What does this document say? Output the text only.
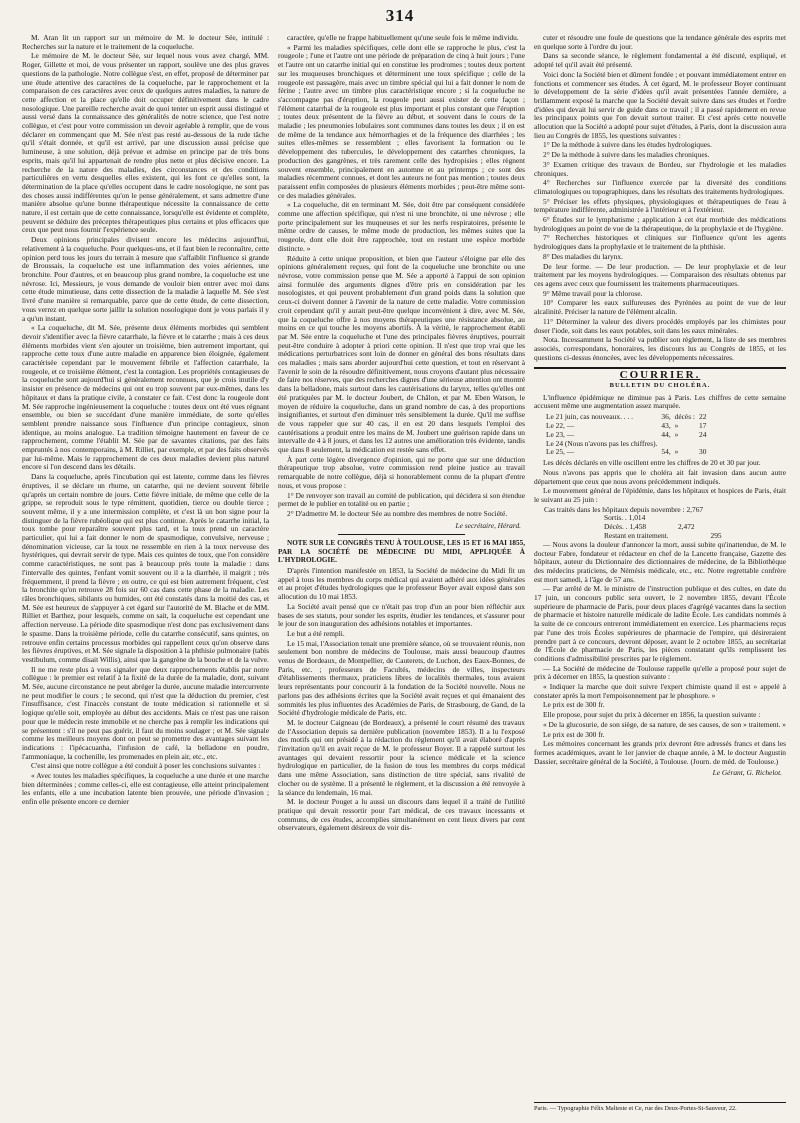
314

M. Aran lit un rapport sur un mémoire de M. le docteur Sée, intitulé : Recherches sur la nature et le traitement de la coqueluche.

Le mémoire de M. le docteur Sée, sur lequel nous vous avez chargé, MM. Roger, Gillette et moi, de vous présenter un rapport, soulève une des plus graves questions de la pathologie. Notre collègue s'est, en effet, proposé de déterminer par une étude attentive des caractères de la coqueluche, par le rapprochement et la comparaison de ces caractères avec ceux de quelques autres maladies, la nature de cette affection et la place qu'elle doit occuper définitivement dans le cadre nosologique. Une pareille recherche avait de quoi tenter un esprit aussi distingué et aussi versé dans la connaissance des généralités de notre science, que l'est notre collègue, et c'est pour votre commission un devoir agréable à remplir, que de vous déclarer en commençant que M. Sée n'est pas resté au-dessous de la rude tâche qu'il s'était donnée, et qu'il est arrivé, par une discussion aussi précise que lumineuse, à une solution, déjà prévue et admise en principe par de très bons esprits, mais qu'il lui appartenait de rendre plus nette et plus décisive encore. La recherche de la nature des maladies, des circonstances et des conditions particulières en vertu desquelles elles existent, qui les font ce qu'elles sont, la détermination de la place qu'elles occupent dans le cadre nosologique, ne sont pas des choses aussi indifférentes qu'on le pense généralement, et sans admettre d'une manière absolue qu'une bonne thérapeutique nécessite la connaissance de cette nature, il est certain que de cette connaissance, lorsqu'elle est évidente et complète, peuvent se déduire des préceptes thérapeutiques plus certains et plus efficaces que ceux que peut nous fournir l'expérience seule.

Deux opinions principales divisent encore les médecins aujourd'hui, relativement à la coqueluche. Pour quelques-uns, et il faut bien le reconnaître, cette opinion perd tous les jours du terrain à mesure que s'affaiblit l'influence si grande de Broussais, la coqueluche est une inflammation des voies aériennes, une bronchite. Pour d'autres, et en beaucoup plus grand nombre, la coqueluche est une névrose. Ici, Messieurs, je vous demande de vouloir bien entrer avec moi dans cette étude minutieuse, dans cette dissection de la maladie à laquelle M. Sée s'est livré d'une manière si remarquable, parce que de cette étude, de cette dissection, vous verrez en quelque sorte jaillir la solution nosologique dont je vous parlais il y a qu'un instant.

« La coqueluche, dit M. Sée, présente deux éléments morbides qui semblent devoir s'identifier avec la fièvre catarrhale, la fièvre et le catarrhe ; mais à ces deux éléments morbides vient s'en ajouter un troisième, bien autrement important, qui rapproche cette toux d'une autre maladie en apparence bien éloignée, également caractérisée cependant par le mouvement fébrile et l'affection catarrhale, la rougeole, et ce troisième élément, c'est la contagion. Les propriétés contagieuses de la coqueluche sont aujourd'hui si généralement reconnues, que je crois inutile d'y insister en présence de médecins qui ont eu trop souvent par eux-mêmes, dans les hôpitaux et dans la pratique civile, à constater ce fait. C'est donc la rougeole dont M. Sée rapproche ingénieusement la coqueluche : toutes deux ont été vues régnant ensemble, ou bien se succédant d'une manière immédiate, de sorte qu'elles semblent prendre naissance sous l'influence d'un principe contagieux, sinon identique, au moins analogue. La tradition témoigne hautement en faveur de ce rapprochement, comme l'établit M. Sée par de savantes citations, par des faits empruntés à nos contemporains, à M. Rilliet, par exemple, et par des faits observés par lui-même. Mais le rapprochement de ces deux maladies devient plus naturel encore si l'on descend dans les détails.

Dans la coqueluche, après l'incubation qui est latente, comme dans les fièvres éruptives, il se déclare un rhume, un catarrhe, qui ne devient souvent fébrile qu'après un certain nombre de jours. Cette fièvre initiale, de même que celle de la grippe, se reproduit sous le type rémittent, quotidien, tierce ou double tierce ; souvent même, il y a une intermission complète, et c'est là un bon signe pour la distinguer de la fièvre rubéolique qui est plus continue. Après le catarrhe initial, la toux tombe pour reparaître souvent plus tard, et la toux prend un caractère particulier, qui lui a fait donner le nom de spasmodique, convulsive, nerveuse ; dénomination vicieuse, car la toux ne ressemble en rien à la toux nerveuse des hystériques, qui devrait servir de type. Mais ces quintes de toux, que l'on considère comme caractéristiques, ne sont pas à beaucoup près toute la maladie : dans l'intervalle des quintes, l'enfant vomit souvent ou il a la diarrhée, il maigrit ; très fréquemment, il prend la fièvre ; en outre, ce qui est bien autrement fréquent, c'est la bronchite qu'on retrouve 28 fois sur 60 cas dans cette phase de la maladie. Les râles bronchiques, sibilants ou humides, ont été constatés dans la moitié des cas, et M. Sée est heureux de s'appuyer à cet égard sur l'autorité de M. Blache et de MM. Rilliet et Barthez, pour lesquels, comme on sait, la coqueluche est cependant une affection nerveuse. La période dite spasmodique n'est donc pas exclusivement dans le spasme. Dans la troisième période, celle du catarrhe consécutif, sans quintes, on retrouve enfin certains processus morbides qui rappellent ceux qu'on observe dans les fièvres éruptives, et M. Sée signale la disposition à la phthisie pulmonaire (tabis vestibulum, comme disait Willis), ainsi que la gangrène de la bouche et de la vulve.

Il ne me reste plus à vous signaler que deux rapprochements établis par notre collègue : le premier est relatif à la fixité de la durée de la maladie, dont, suivant M. Sée, aucune circonstance ne peut abréger la durée, aucune maladie intercurrente ne peut modifier le cours ; le second, qui n'est que la déduction du premier, c'est l'insuffisance, c'est l'inaccès constant de toute médication si rationnelle et si logique qu'elle soit, employée au début des accidents. Mais ce n'est pas une raison pour que le médecin reste immobile et ne cherche pas à remplir les indications qui se présentent : s'il ne peut pas guérir, il faut du moins soulager ; et M. Sée signale comme les meilleurs moyens dont on peut se promettre des avantages suivant les indications : l'ipécacuanha, l'infusion de café, la belladone en poudre, l'ammoniaque, la cochenille, les promenades en plein air, etc., etc.

C'est ainsi que notre collègue a été conduit à poser les conclusions suivantes :

« Avec toutes les maladies spécifiques, la coqueluche a une durée et une marche bien déterminées ; comme celles-ci, elle est contagieuse, elle atteint principalement les enfants, elle a une incubation latente bien prouvée, une période d'invasion ; enfin elle présente encore ce dernier

caractère, qu'elle ne frappe habituellement qu'une seule fois le même individu.

« Parmi les maladies spécifiques, celle dont elle se rapproche le plus, c'est la rougeole ; l'une et l'autre ont une période de préparation de cinq à huit jours ; l'une et l'autre ont un catarrhe initial qui en constitue les prodromes ; toutes deux portent sur les muqueuses bronchiques et déterminent une toux spécifique ; celle de la rougeole est passagère, mais avec un timbre spécial qui lui a fait donner le nom de férine ; l'autre avec un timbre plus caractéristique encore ; si la coqueluche ne s'accompagne pas d'éruption, la rougeole peut aussi exister de cette façon ; l'élément catarrhal de la rougeole est plus important et plus constant que l'éruption ; toutes deux présentent de la fièvre au début, et souvent dans le cours de la maladie ; les pneumonies lobulaires sont communes dans toutes les deux ; il en est de même de la tendance aux hémorrhagies et de la fréquence des diarrhées ; les suites elles-mêmes se ressemblent ; elles favorisent la formation ou le développement des tubercules, le développement des catarrhes chroniques, la production des gangrènes, et très rarement celle des hydropisies ; elles règnent souvent ensemble, principalement en automne et au printemps ; ce sont des maladies récemment connues, et dont les auteurs ne font pas mention ; toutes deux paraissent enfin composées de plusieurs éléments morbides ; peut-être même sont-ce des maladies générales.

« La coqueluche, dit en terminant M. Sée, doit être par conséquent considérée comme une affection spécifique, qui n'est ni une bronchite, ni une névrose ; elle porte principalement sur les muqueuses et sur les nerfs respiratoires, présente le même ordre de causes, le même mode de production, les mêmes suites que la rougeole, dont elle doit être rapprochée, tout en restant une espèce morbide distincte. »

Réduite à cette unique proposition, et bien que l'auteur s'éloigne par elle des opinions généralement reçues, qui font de la coqueluche une bronchite ou une névrose, votre commission pense que M. Sée a apporté à l'appui de son opinion ainsi formulée des arguments dignes d'être pris en considération par les nosologistes, et qui peuvent probablement d'un grand poids dans la solution que ceux-ci doivent donner à l'avenir de la nature de cette maladie. Votre commission croit cependant qu'il y aurait peut-être quelque inconvénient à dire, avec M. Sée, que la coqueluche offre à nos moyens thérapeutiques une résistance absolue, au moins en ce qui touche les moyens abortifs. À la vérité, le rapprochement établi par M. Sée entre la coqueluche et l'une des principales fièvres éruptives, pourrait peut-être conduire à adopter à priori cette opinion. Il n'est que trop vrai que les médications perturbatrices sont loin de donner en général des bons résultats dans ces maladies ; mais sans aborder aujourd'hui cette question, et tout en réservant à l'avenir le soin de la résoudre définitivement, nous croyons d'autant plus nécessaire de faire nos réserves, que des recherches dignes d'une sérieuse attention ont montré dans la belladone, mais surtout dans les cautérisations du larynx, telles qu'elles ont été pratiquées par M. le docteur Joubert, de Châlon, et par M. Eben Watson, le moyen de réduire la coqueluche, dans un grand nombre de cas, à des proportions insignifiantes, et surtout d'en diminuer très sensiblement la durée. Qu'il me suffise de vous rappeler que sur 40 cas, il en est 20 dans lesquels l'emploi des cautérisations a produit entre les mains de M. Joubert une guérison rapide dans un intervalle de 4 à 8 jours, et dans les 12 autres une amélioration très évidente, tandis que dans 8 seulement, la médication est restée sans effet.

À part cette légère divergence d'opinion, qui ne porte que sur une déduction thérapeutique trop absolue, votre commission rend pleine justice au travail remarquable de notre collègue, déjà si honorablement connu de la plupart d'entre nous, et vous propose :

1° De renvoyer son travail au comité de publication, qui décidera si son étendue permet de le publier en totalité ou en partie ;

2° D'admettre M. le docteur Sée au nombre des membres de notre Société.

Le secrétaire, Hérard.
NOTE SUR LE CONGRÈS TENU À TOULOUSE, LES 15 ET 16 MAI 1855, PAR LA SOCIÉTÉ DE MÉDECINE DU MIDI, APPLIQUÉE À L'HYDROLOGIE.

D'après l'intention manifestée en 1853, la Société de médecine du Midi fit un appel à tous les membres du corps médical qui avaient adhéré aux idées générales et au projet d'études hydrologiques que le professeur Boyer avait exposé dans son allocution du 10 mai 1853.

La Société avait pensé que ce n'était pas trop d'un an pour bien réfléchir aux bases de ses statuts, pour sonder les esprits, étudier les tendances, et s'assurer pour le jour de son inauguration des adhésions notables et importantes.

Le but a été rempli.

Le 15 mai, l'Association tenait une première séance, où se trouvaient réunis, non seulement bon nombre de médecins de Toulouse, mais aussi beaucoup d'autres venus de Bordeaux, de Montpellier, de Cauterets, de Luchon, des Eaux-Bonnes, de Paris, etc. ; professeurs de Facultés, médecins de villes, inspecteurs d'établissements thermaux, praticiens libres de localités thermales, tous avaient leurs représentants pour concourir à la fondation de la Société nouvelle. Nous ne parlons pas des adhésions écrites que la Société avait reçues et qui émanaient des sommités les plus influentes des Académies de Paris, de Strasbourg, de Gand, de la Société d'hydrologie médicale de Paris, etc.

M. le docteur Caigneau (de Bordeaux), a présenté le court résumé des travaux de l'Association depuis sa dernière publication (novembre 1853). Il a lu l'exposé des motifs qui ont présidé à la rédaction du règlement qu'il avait élaboré d'après l'invitation qu'il en avait reçue de M. le professeur Boyer. Il a rappelé surtout les avantages qui devaient ressortir pour la science médicale et la science hydrologique en particulier, de la fusion de tous les membres du corps médical dans une même Association, sans distinction de titre spécial, sans rivalité de clocher ou de système. Il a présenté le règlement, et la discussion a été renvoyée à la séance du lendemain, 16 mai.

M. le docteur Pouget a lu aussi un discours dans lequel il a traité de l'utilité pratique qui devait ressortir pour l'art médical, de ces travaux incessants et communs, de ces études, accomplies simultanément en cent lieux divers par cent observateurs, également désireux de voir dis-

cuter et résoudre une foule de questions que la tendance générale des esprits met en quelque sorte à l'ordre du jour.

Dans sa seconde séance, le règlement fondamental a été discuté, expliqué, et adopté tel qu'il avait été présenté.

Voici donc la Société bien et dûment fondée ; et pouvant immédiatement entrer en fonctions et commencer ses études. À cet égard, M. le professeur Boyer continuant le développement de la série d'idées qu'il avait présentées l'année dernière, a brillamment exposé la marche que la Société devait suivre dans ses études et l'ordre d'idées qui devait lui servir de guide dans ce travail ; il a passé rapidement en revue les principaux points que l'on devait surtout traiter. Et c'est après cette nouvelle allocution que la Société a adopté pour sujet d'études, à Paris, dont la discussion aura lieu au Congrès de 1855, les questions suivantes :

1° De la méthode à suivre dans les études hydrologiques.

2° De la méthode à suivre dans les maladies chroniques.

3° Examen critique des travaux de Bordeu, sur l'hydrologie et les maladies chroniques.

4° Recherches sur l'influence exercée par la diversité des conditions climatologiques ou topographiques, dans les résultats des traitements hydrologiques.

5° Préciser les effets physiques, physiologiques et thérapeutiques de l'eau à température indifférente, administrée à l'intérieur et à l'extérieur.

6° Études sur le lymphatisme ; application à cet état morbide des médications hydrologiques au point de vue de la thérapeutique, de la prophylaxie et de l'hygiène.

7° Recherches historiques et cliniques sur l'influence qu'ont les agents hydrologiques dans la prophylaxie et le traitement de la phthisie.

8° Des maladies du larynx.

De leur forme. — De leur production. — De leur prophylaxie et de leur traitement par les moyens hydrologiques. — Comparaison des résultats obtenus par ces agens avec ceux que fournissent les traitements pharmaceutiques.

9° Même travail pour la chlorose.

10° Comparer les eaux sulfureuses des Pyrénées au point de vue de leur alcalinité. Préciser la nature de l'élément alcalin.

11° Déterminer la valeur des divers procédés employés par les chimistes pour doser l'iode, soit dans les eaux potables, soit dans les eaux minérales.

Nota. Incessamment la Société va publier son règlement, la liste de ses membres associés, correspondans, honoraires, les discours lus au Congrès de 1855, et les questions ci-dessus énoncées, avec les développements nécessaires.

COURRIER.
BULLETIN DU CHOLÉRA.

L'influence épidémique ne diminue pas à Paris. Les chiffres de cette semaine accusent même une augmentation assez marquée.

Le 21 juin, cas nouveaux. . . .	36,	décès :	22
Le 22, —	43,	»	17
Le 23, —	44,	»	24
Le 24 (Nous n'avons pas les chiffres).			
Le 25, —	54,	»	30

Les décès déclarés en ville oscillent entre les chiffres de 20 et 30 par jour.

Nous n'avons pas appris que le choléra ait fait invasion dans aucun autre département que ceux que nous avons précédemment indiqués.

Le mouvement général de l'épidémie, dans les hôpitaux et hospices de Paris, était le suivant au 25 juin :

Cas traités dans les hôpitaux depuis novembre : 2,767
Sortis. . 1,014
Décès. . 1,458	2,472
Restant en traitement.	295

— Nous avons la douleur d'annoncer la mort, aussi subite qu'inattendue, de M. le docteur Fabre, fondateur et rédacteur en chef de la Lancette française, Gazette des hôpitaux, auteur du Dictionnaire des dictionnaires de médecine, de la Bibliothèque des médecins praticiens, de Némésis médicale, etc., etc. Notre regrettable confrère est mort samedi, à l'âge de 57 ans.

— Par arrêté de M. le ministre de l'instruction publique et des cultes, en date du 17 juin, un concours public sera ouvert, le 2 novembre 1855, devant l'École supérieure de pharmacie de Paris, pour deux places d'agrégé vacantes dans la section de pharmacie et histoire naturelle médicale de ladite École. Les candidats nommés à la suite de ce concours entreront immédiatement en exercice. Les pharmaciens reçus par l'une des trois Écoles supérieures de pharmacie de l'empire, qui désireraient prendre part à ce concours, devront déposer, avant le 2 octobre 1855, au secrétariat de l'École de pharmacie de Paris, les pièces constatant qu'ils remplissent les conditions d'admissibilité prescrites par le règlement.

— La Société de médecine de Toulouse rappelle qu'elle a proposé pour sujet de prix à décerner en 1855, la question suivante :

« Indiquer la marche que doit suivre l'expert chimiste quand il est » appelé à constater après la mort l'empoisonnement par le phosphore. »

Le prix est de 300 fr.

Elle propose, pour sujet du prix à décerner en 1856, la question suivante :

« De la glucosurie, de son siège, de sa nature, de ses causes, de son » traitement. »

Le prix est de 300 fr.

Les mémoires concernant les grands prix devront être adressés francs et dans les formes académiques, avant le 1er janvier de chaque année, à M. le docteur Augustin Dassier, secrétaire général de la Société, à Toulouse. (Journ. de méd. de Toulouse.)

Le Gérant, G. Richelot.
Paris. — Typographie Félix Malteste et Ce, rue des Deux-Portes-St-Sauveur, 22.
